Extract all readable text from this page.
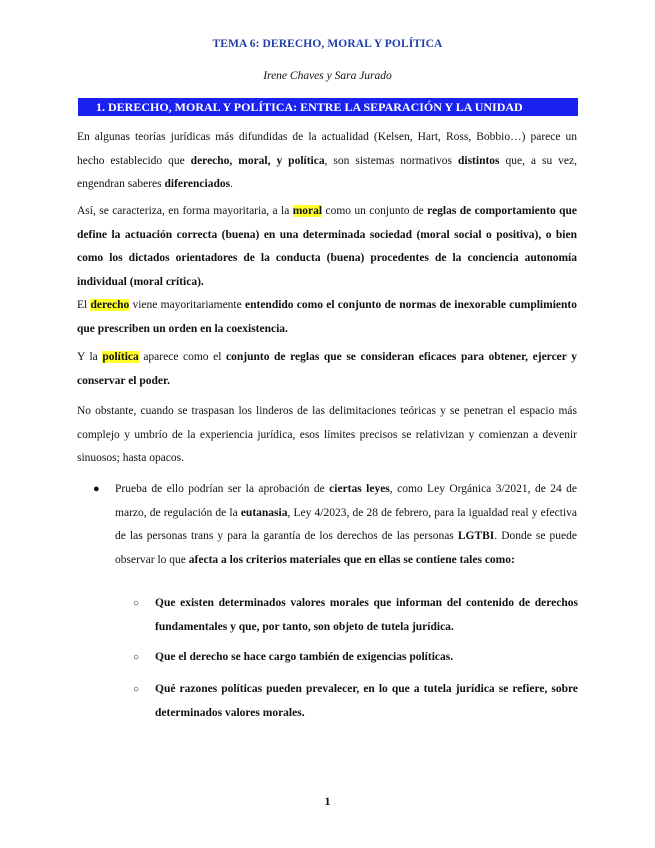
TEMA 6: DERECHO, MORAL Y POLÍTICA
Irene Chaves y Sara Jurado
1. DERECHO, MORAL Y POLÍTICA: ENTRE LA SEPARACIÓN Y LA UNIDAD

En algunas teorías jurídicas más difundidas de la actualidad (Kelsen, Hart, Ross, Bobbio…) parece un hecho establecido que derecho, moral, y política, son sistemas normativos distintos que, a su vez, engendran saberes diferenciados.

Así, se caracteriza, en forma mayoritaria, a la moral como un conjunto de reglas de comportamiento que define la actuación correcta (buena) en una determinada sociedad (moral social o positiva), o bien como los dictados orientadores de la conducta (buena) procedentes de la conciencia autonomía individual (moral crítica).

El derecho viene mayoritariamente entendido como el conjunto de normas de inexorable cumplimiento que prescriben un orden en la coexistencia.

Y la política aparece como el conjunto de reglas que se consideran eficaces para obtener, ejercer y conservar el poder.

No obstante, cuando se traspasan los linderos de las delimitaciones teóricas y se penetran el espacio más complejo y umbrío de la experiencia jurídica, esos límites precisos se relativizan y comienzan a devenir sinuosos; hasta opacos.

● Prueba de ello podrían ser la aprobación de ciertas leyes, como Ley Orgánica 3/2021, de 24 de marzo, de regulación de la eutanasia, Ley 4/2023, de 28 de febrero, para la igualdad real y efectiva de las personas trans y para la garantía de los derechos de las personas LGTBI. Donde se puede observar lo que afecta a los criterios materiales que en ellas se contiene tales como:
○ Que existen determinados valores morales que informan del contenido de derechos fundamentales y que, por tanto, son objeto de tutela jurídica.
○ Que el derecho se hace cargo también de exigencias políticas.
○ Qué razones políticas pueden prevalecer, en lo que a tutela jurídica se refiere, sobre determinados valores morales.
1
